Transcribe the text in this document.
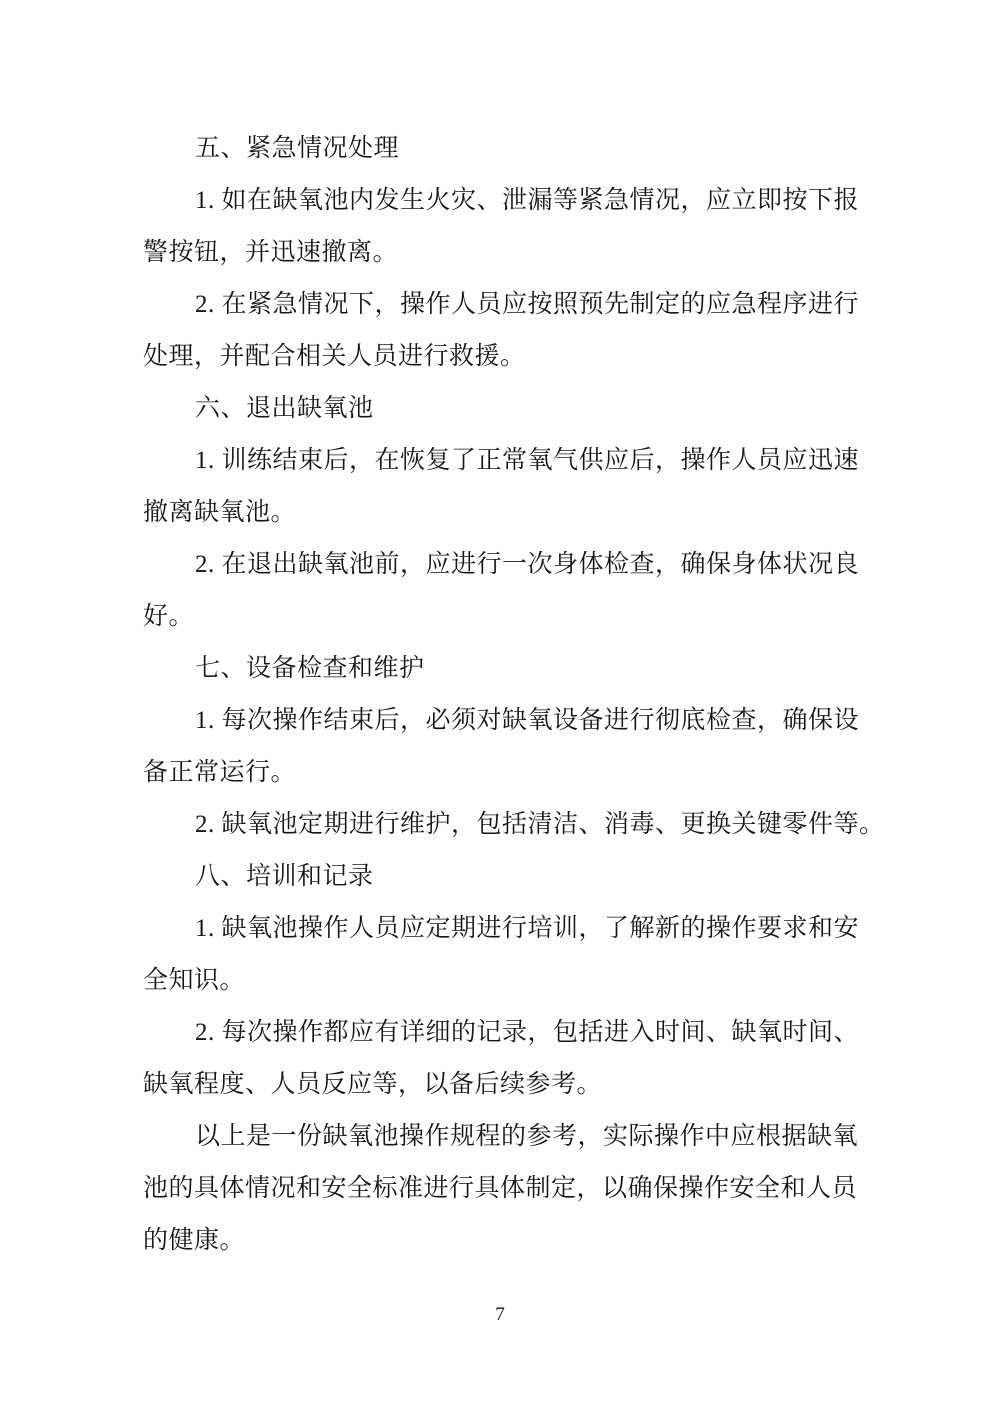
五、紧急情况处理

1. 如在缺氧池内发生火灾、泄漏等紧急情况，应立即按下报
警按钮，并迅速撤离。

2. 在紧急情况下，操作人员应按照预先制定的应急程序进行
处理，并配合相关人员进行救援。

六、退出缺氧池

1. 训练结束后，在恢复了正常氧气供应后，操作人员应迅速
撤离缺氧池。

2. 在退出缺氧池前，应进行一次身体检查，确保身体状况良
好。

七、设备检查和维护

1. 每次操作结束后，必须对缺氧设备进行彻底检查，确保设
备正常运行。

2. 缺氧池定期进行维护，包括清洁、消毒、更换关键零件等。

八、培训和记录

1. 缺氧池操作人员应定期进行培训，了解新的操作要求和安
全知识。

2. 每次操作都应有详细的记录，包括进入时间、缺氧时间、
缺氧程度、人员反应等，以备后续参考。

以上是一份缺氧池操作规程的参考，实际操作中应根据缺氧
池的具体情况和安全标准进行具体制定，以确保操作安全和人员
的健康。

7
